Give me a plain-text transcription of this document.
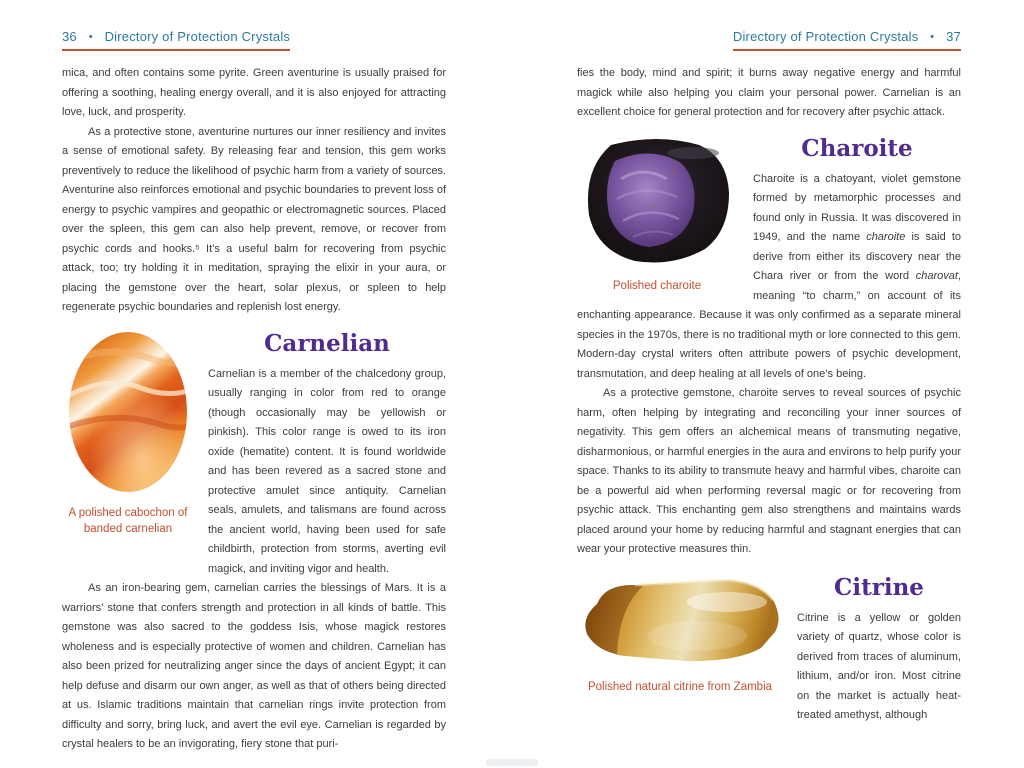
36 • Directory of Protection Crystals

mica, and often contains some pyrite. Green aventurine is usually praised for offering a soothing, healing energy overall, and it is also enjoyed for attracting love, luck, and prosperity.

As a protective stone, aventurine nurtures our inner resiliency and invites a sense of emotional safety. By releasing fear and tension, this gem works preventively to reduce the likelihood of psychic harm from a variety of sources. Aventurine also reinforces emotional and psychic boundaries to prevent loss of energy to psychic vampires and geopathic or electromagnetic sources. Placed over the spleen, this gem can also help prevent, remove, or recover from psychic cords and hooks.⁵ It’s a useful balm for recovering from psychic attack, too; try holding it in meditation, spraying the elixir in your aura, or placing the gemstone over the heart, solar plexus, or spleen to help regenerate psychic boundaries and replenish lost energy.

A polished cabochon of banded carnelian
Carnelian

Carnelian is a member of the chalcedony group, usually ranging in color from red to orange (though occasionally may be yellowish or pinkish). This color range is owed to its iron oxide (hematite) content. It is found worldwide and has been revered as a sacred stone and protective amulet since antiquity. Carnelian seals, amulets, and talismans are found across the ancient world, having been used for safe childbirth, protection from storms, averting evil magick, and inviting vigor and health.

As an iron-bearing gem, carnelian carries the blessings of Mars. It is a warriors’ stone that confers strength and protection in all kinds of battle. This gemstone was also sacred to the goddess Isis, whose magick restores wholeness and is especially protective of women and children. Carnelian has also been prized for neutralizing anger since the days of ancient Egypt; it can help defuse and disarm our own anger, as well as that of others being directed at us. Islamic traditions maintain that carnelian rings invite protection from difficulty and sorry, bring luck, and avert the evil eye. Carnelian is regarded by crystal healers to be an invigorating, fiery stone that puri-

Directory of Protection Crystals • 37

fies the body, mind and spirit; it burns away negative energy and harmful magick while also helping you claim your personal power. Carnelian is an excellent choice for general protection and for recovery after psychic attack.

Polished charoite
Charoite

Charoite is a chatoyant, violet gemstone formed by metamorphic processes and found only in Russia. It was discovered in 1949, and the name charoite is said to derive from either its discovery near the Chara river or from the word charovat, meaning “to charm,” on account of its enchanting appearance. Because it was only confirmed as a separate mineral species in the 1970s, there is no traditional myth or lore connected to this gem. Modern-day crystal writers often attribute powers of psychic development, transmutation, and deep healing at all levels of one’s being.

As a protective gemstone, charoite serves to reveal sources of psychic harm, often helping by integrating and reconciling your inner sources of negativity. This gem offers an alchemical means of transmuting negative, disharmonious, or harmful energies in the aura and environs to help purify your space. Thanks to its ability to transmute heavy and harmful vibes, charoite can be a powerful aid when performing reversal magic or for recovering from psychic attack. This enchanting gem also strengthens and maintains wards placed around your home by reducing harmful and stagnant energies that can wear your protective measures thin.

Polished natural citrine from Zambia
Citrine

Citrine is a yellow or golden variety of quartz, whose color is derived from traces of aluminum, lithium, and/or iron. Most citrine on the market is actually heat-treated amethyst, although
